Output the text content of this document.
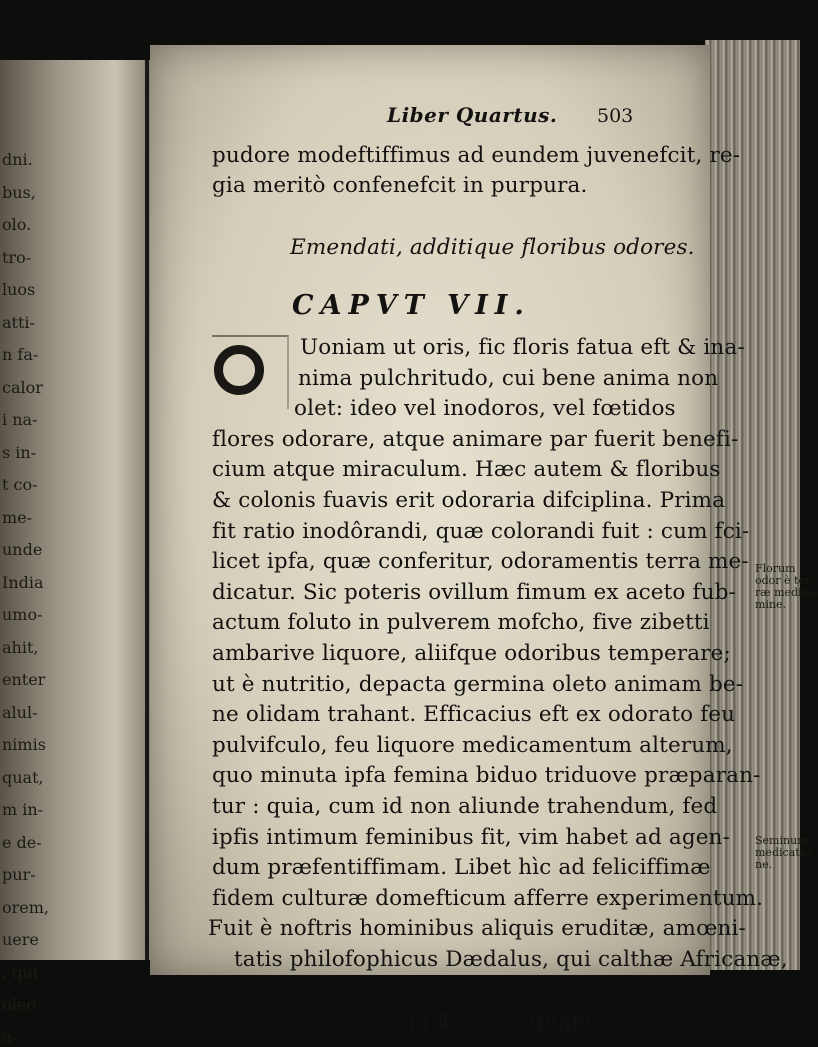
dni.
bus,
olo.
tro-
luos
atti-
n fa-
calor
i na-
s in-
t co-
me-
unde
India
umo-
ahit,
enter
alul-
nimis
quat,
m in-
e de-
pur-
orem,
uere
, qui
oleo
u-
Liber Quartus. 503
pudore modeftiffimus ad eundem juvenefcit, re-
gia meritò confenefcit in purpura.
Emendati, additique floribus odores.
CAPVT VII.
Uoniam ut oris, fic floris fatua eft & ina-
nima pulchritudo, cui bene anima non
olet: ideo vel inodoros, vel fœtidos
flores odorare, atque animare par fuerit benefi-
cium atque miraculum. Hæc autem & floribus
& colonis fuavis erit odoraria difciplina. Prima
fit ratio inodôrandi, quæ colorandi fuit : cum fci-
licet ipfa, quæ conferitur, odoramentis terra me-
dicatur. Sic poteris ovillum fimum ex aceto fub-
actum foluto in pulverem mofcho, five zibetti
ambarive liquore, aliifque odoribus temperare;
ut è nutritio, depacta germina oleto animam be-
ne olidam trahant. Efficacius eft ex odorato feu
pulvifculo, feu liquore medicamentum alterum,
quo minuta ipfa femina biduo triduove præparan-
tur : quia, cum id non aliunde trahendum, fed
ipfis intimum feminibus fit, vim habet ad agen-
dum præfentiffimam. Libet hìc ad feliciffimæ
fidem culturæ domefticum afferre experimentum.
Fuit è noftris hominibus aliquis eruditæ, amœni-
tatis philofophicus Dædalus, qui calthæ Africanæ,
I i 4	quàm
Florum
odor è ter-
ræ medica-
mine.
Seminum
medicatio-
ne.
